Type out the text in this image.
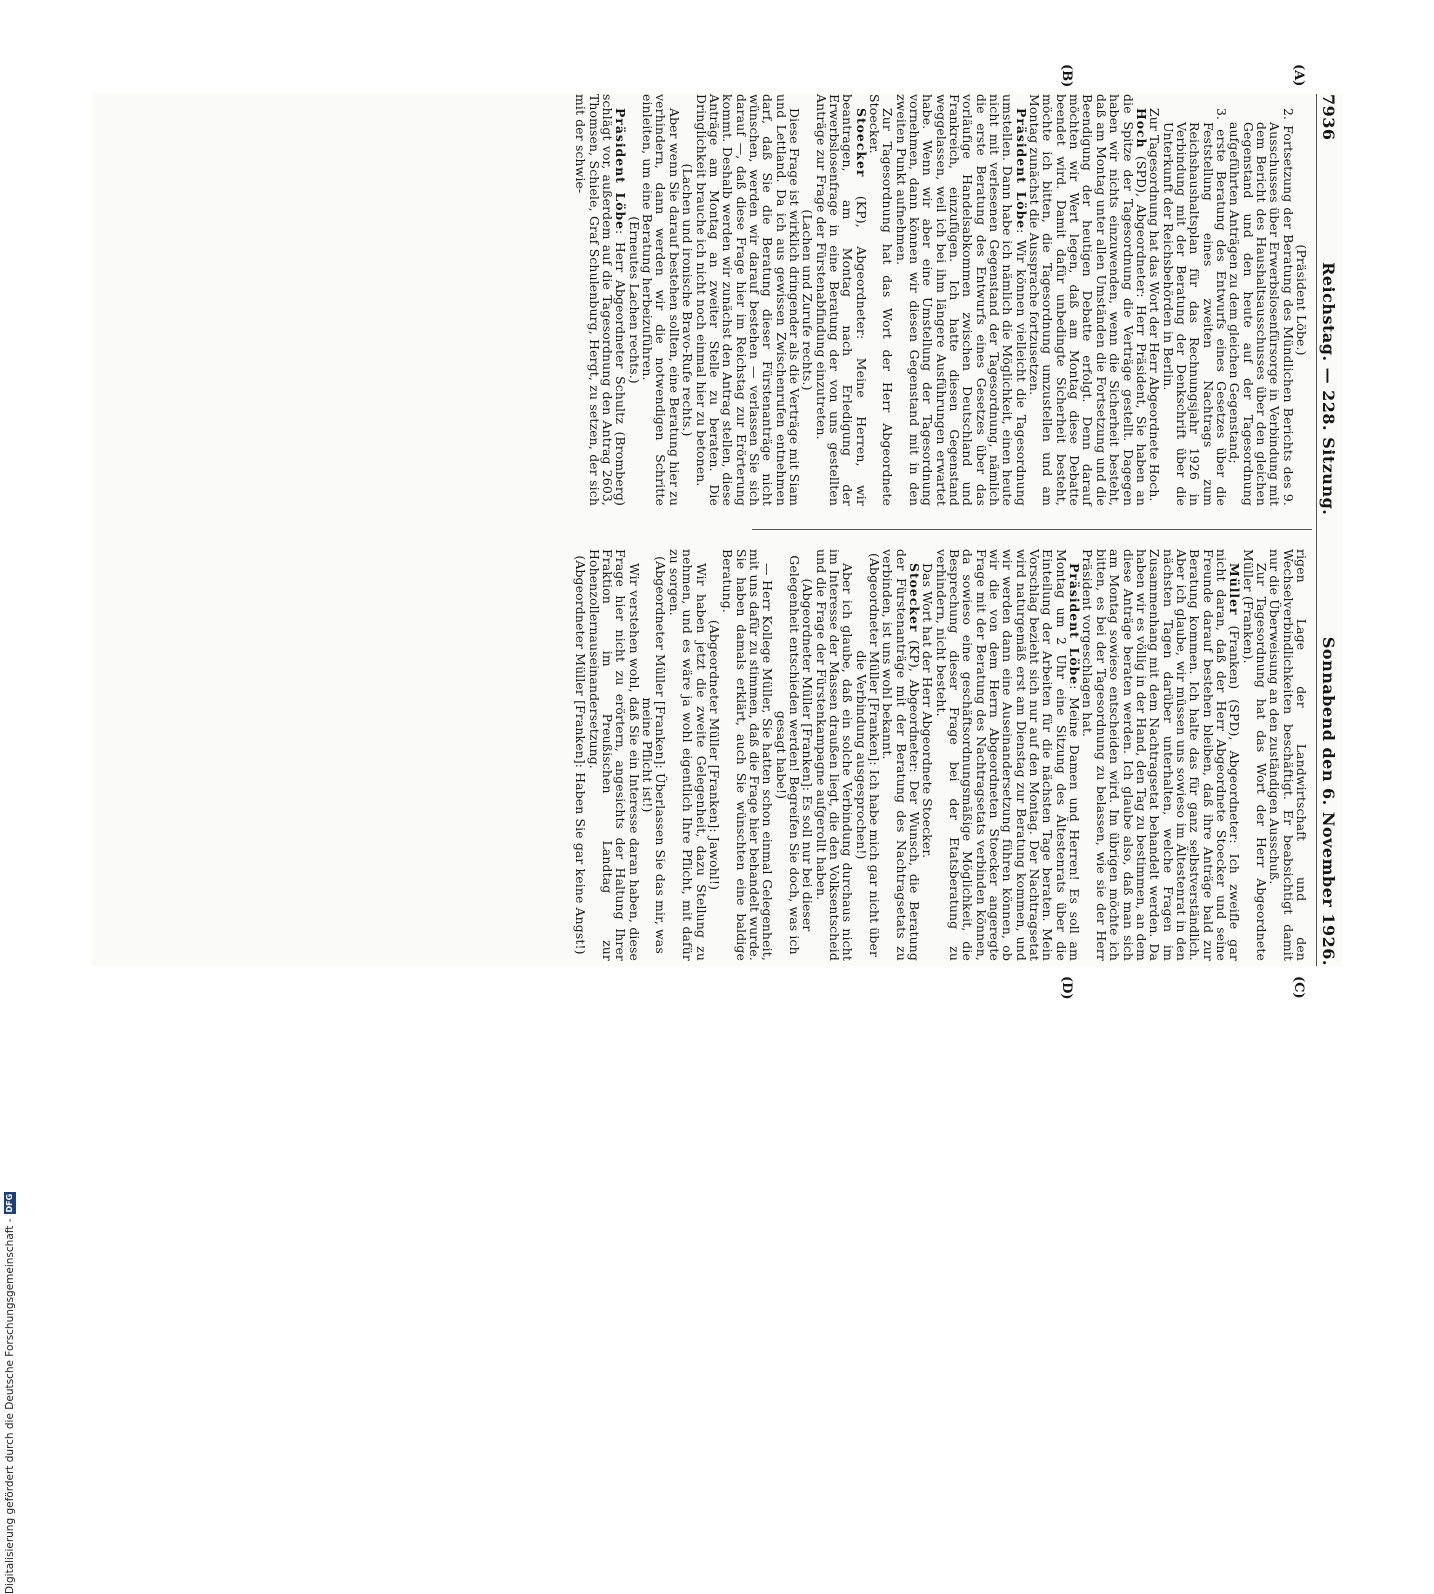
7936
Reichstag. — 228. Sitzung.
Sonnabend den 6. November 1926.
(A)
(B)
(C)
(D)

(Präsident Löbe.)

2. Fortsetzung der Beratung des Mündlichen Berichts des 9. Ausschusses über Erwerbslosenfürsorge in Verbindung mit dem Bericht des Haushaltsausschusses über den gleichen Gegenstand und den heute auf der Tagesordnung aufgeführten Anträgen zu dem gleichen Gegenstand;

3. erste Beratung des Entwurfs eines Gesetzes über die Feststellung eines zweiten Nachtrags zum Reichshaushaltsplan für das Rechnungsjahr 1926 in Verbindung mit der Beratung der Denkschrift über die Unterkunft der Reichsbehörden in Berlin.

Zur Tagesordnung hat das Wort der Herr Abgeordnete Hoch.

Hoch (SPD), Abgeordneter: Herr Präsident, Sie haben an die Spitze der Tagesordnung die Verträge gestellt. Dagegen haben wir nichts einzuwenden, wenn die Sicherheit besteht, daß am Montag unter allen Umständen die Fortsetzung und die Beendigung der heutigen Debatte erfolgt. Denn darauf möchten wir Wert legen, daß am Montag diese Debatte beendet wird. Damit dafür unbedingte Sicherheit besteht, möchte ich bitten, die Tagesordnung umzustellen und am Montag zunächst die Aussprache fortzusetzen.

Präsident Löbe: Wir können vielleicht die Tagesordnung umstellen. Dann habe ich nämlich die Möglichkeit, einen heute nicht mit verlesenen Gegenstand der Tagesordnung, nämlich die erste Beratung des Entwurfs eines Gesetzes über das vorläufige Handelsabkommen zwischen Deutschland und Frankreich, einzufügen. Ich hatte diesen Gegenstand weggelassen, weil ich bei ihm längere Ausführungen erwartet habe. Wenn wir aber eine Umstellung der Tagesordnung vornehmen, dann können wir diesen Gegenstand mit in den zweiten Punkt aufnehmen.

Zur Tagesordnung hat das Wort der Herr Abgeordnete Stoecker.

Stoecker (KP), Abgeordneter: Meine Herren, wir beantragen, am Montag nach Erledigung der Erwerbslosenfrage in eine Beratung der von uns gestellten Anträge zur Frage der Fürstenabfindung einzutreten.

(Lachen und Zurufe rechts.)

Diese Frage ist wirklich dringender als die Verträge mit Siam und Lettland. Da ich aus gewissen Zwischenrufen entnehmen darf, daß Sie die Beratung dieser Fürstenanträge nicht wünschen, werden wir darauf bestehen — verlassen Sie sich darauf —, daß diese Frage hier im Reichstag zur Erörterung kommt. Deshalb werden wir zunächst den Antrag stellen, diese Anträge am Montag an zweiter Stelle zu beraten. Die Dringlichkeit brauche ich nicht noch einmal hier zu betonen.

(Lachen und ironische Bravo-Rufe rechts.)

Aber wenn Sie darauf bestehen sollten, eine Beratung hier zu verhindern, dann werden wir die notwendigen Schritte einleiten, um eine Beratung herbeizuführen.

(Erneutes Lachen rechts.)

Präsident Löbe: Herr Abgeordneter Schultz (Bromberg) schlägt vor, außerdem auf die Tagesordnung den Antrag 2603, Thomsen, Schiele, Graf Schulenburg, Hergt, zu setzen, der sich mit der schwie-

rigen Lage der Landwirtschaft und den Wechselverbindlichkeiten beschäftigt. Er beabsichtigt damit nur die Überweisung an den zuständigen Ausschuß.

Zur Tagesordnung hat das Wort der Herr Abgeordnete Müller (Franken).

Müller (Franken) (SPD), Abgeordneter: Ich zweifle gar nicht daran, daß der Herr Abgeordnete Stoecker und seine Freunde darauf bestehen bleiben, daß ihre Anträge bald zur Beratung kommen. Ich halte das für ganz selbstverständlich. Aber ich glaube, wir müssen uns sowieso im Ältestenrat in den nächsten Tagen darüber unterhalten, welche Fragen im Zusammenhang mit dem Nachtragsetat behandelt werden. Da haben wir es völlig in der Hand, den Tag zu bestimmen, an dem diese Anträge beraten werden. Ich glaube also, daß man sich am Montag sowieso entscheiden wird. Im übrigen möchte ich bitten, es bei der Tagesordnung zu belassen, wie sie der Herr Präsident vorgeschlagen hat.

Präsident Löbe: Meine Damen und Herren! Es soll am Montag um 2 Uhr eine Sitzung des Ältestenrats über die Einteilung der Arbeiten für die nächsten Tage beraten. Mein Vorschlag bezieht sich nur auf den Montag. Der Nachtragsetat wird naturgemäß erst am Dienstag zur Beratung kommen, und wir werden dann eine Auseinandersetzung führen können, ob wir die von dem Herrn Abgeordneten Stoecker angeregte Frage mit der Beratung des Nachtragsetats verbinden können, da sowieso eine geschäftsordnungsmäßige Möglichkeit, die Besprechung dieser Frage bei der Etatsberatung zu verhindern, nicht besteht.

Das Wort hat der Herr Abgeordnete Stoecker.

Stoecker (KP), Abgeordneter: Der Wunsch, die Beratung der Fürstenanträge mit der Beratung des Nachtragsetats zu verbinden, ist uns wohl bekannt.

(Abgeordneter Müller [Franken]: Ich habe mich gar nicht über die Verbindung ausgesprochen!)

Aber ich glaube, daß ein solche Verbindung durchaus nicht im Interesse der Massen draußen liegt, die den Volksentscheid und die Frage der Fürstenkampagne aufgerollt haben.

(Abgeordneter Müller [Franken]: Es soll nur bei dieser Gelegenheit entschieden werden! Begreifen Sie doch, was ich gesagt habe!)

— Herr Kollege Müller, Sie hatten schon einmal Gelegenheit, mit uns dafür zu stimmen, daß die Frage hier behandelt wurde. Sie haben damals erklärt, auch Sie wünschten eine baldige Beratung.

(Abgeordneter Müller [Franken]: Jawohl!)

Wir haben jetzt die zweite Gelegenheit, dazu Stellung zu nehmen, und es wäre ja wohl eigentlich Ihre Pflicht, mit dafür zu sorgen.

(Abgeordneter Müller [Franken]: Überlassen Sie das mir, was meine Pflicht ist!)

Wir verstehen wohl, daß Sie ein Interesse daran haben, diese Frage hier nicht zu erörtern, angesichts der Haltung Ihrer Fraktion im Preußischen Landtag zur Hohenzollernauseinandersetzung.

(Abgeordneter Müller [Franken]: Haben Sie gar keine Angst!)

Digitalisierung gefördert durch die Deutsche Forschungsgemeinschaft -
DFG
